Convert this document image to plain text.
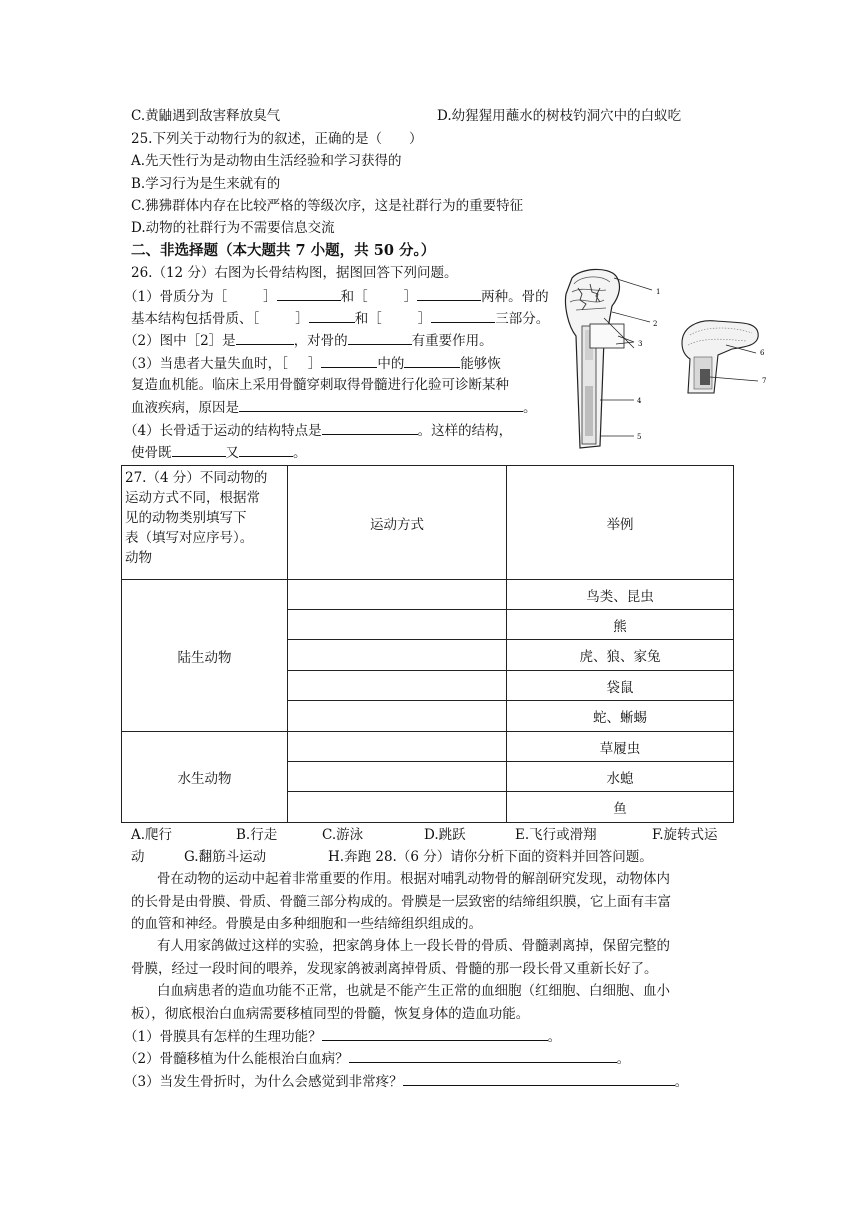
C.黄鼬遇到敌害释放臭气	D.幼猩猩用蘸水的树枝钓洞穴中的白蚁吃
25.下列关于动物行为的叙述，正确的是（　　）
A.先天性行为是动物由生活经验和学习获得的
B.学习行为是生来就有的
C.狒狒群体内存在比较严格的等级次序，这是社群行为的重要特征
D.动物的社群行为不需要信息交流
二、非选择题（本大题共 7 小题，共 50 分。）
26.（12 分）右图为长骨结构图，据图回答下列问题。
（1）骨质分为［	］	和［	］	两种。骨的
基本结构包括骨质、［	］	和［	］	三部分。
（2）图中［2］是	，对骨的	有重要作用。
（3）当患者大量失血时，［ ］	中的	能够恢
复造血机能。临床上采用骨髓穿刺取得骨髓进行化验可诊断某种
血液疾病，原因是	。
（4）长骨适于运动的结构特点是	。这样的结构，
使骨既	又	。
1
2
3
4
5
6
7
27.（4 分）不同动物的
运动方式不同，根据常
见的动物类别填写下
表（填写对应序号）。
动物	运动方式	举例
陆生动物		鸟类、昆虫
		熊
		虎、狼、家兔
		袋鼠
		蛇、蜥蜴
水生动物		草履虫
		水螅
		鱼
A.爬行	B.行走	C.游泳	D.跳跃	E.飞行或滑翔	F.旋转式运
动	G.翻筋斗运动	H.奔跑 28.（6 分）请你分析下面的资料并回答问题。
骨在动物的运动中起着非常重要的作用。根据对哺乳动物骨的解剖研究发现，动物体内
的长骨是由骨膜、骨质、骨髓三部分构成的。骨膜是一层致密的结缔组织膜，它上面有丰富
的血管和神经。骨膜是由多种细胞和一些结缔组织组成的。
有人用家鸽做过这样的实验，把家鸽身体上一段长骨的骨质、骨髓剥离掉，保留完整的
骨膜，经过一段时间的喂养，发现家鸽被剥离掉骨质、骨髓的那一段长骨又重新长好了。
白血病患者的造血功能不正常，也就是不能产生正常的血细胞（红细胞、白细胞、血小
板），彻底根治白血病需要移植同型的骨髓，恢复身体的造血功能。
（1）骨膜具有怎样的生理功能？	。
（2）骨髓移植为什么能根治白血病？	。
（3）当发生骨折时，为什么会感觉到非常疼？	。
